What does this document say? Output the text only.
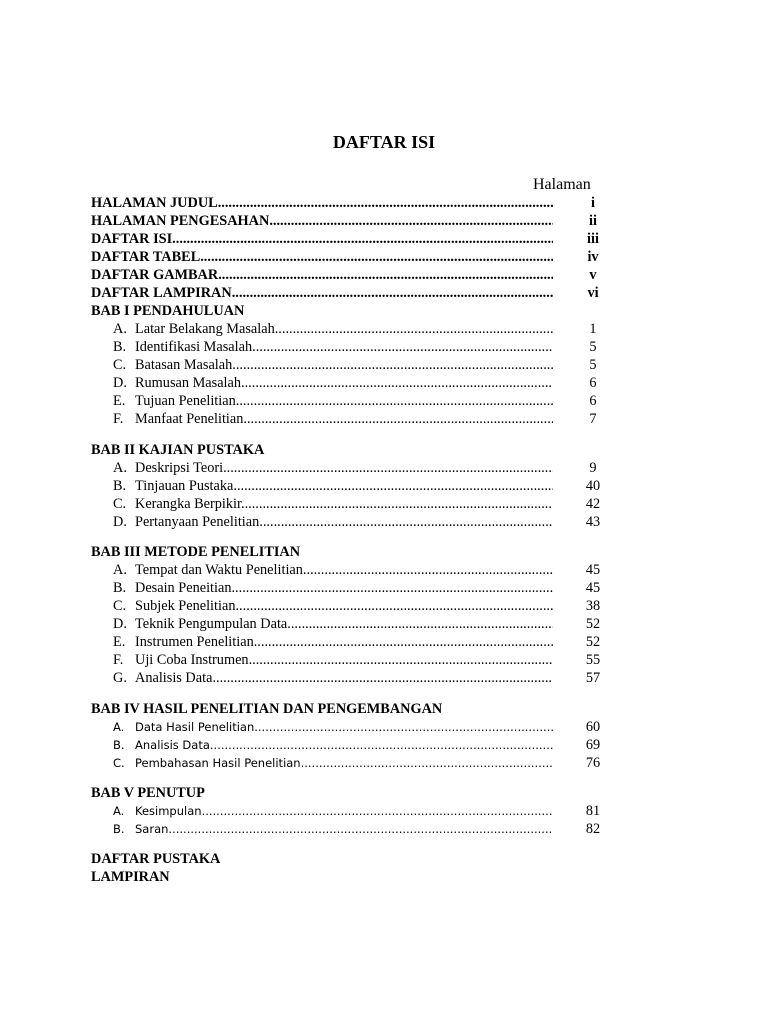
DAFTAR ISI
Halaman
HALAMAN JUDUL .....	i
HALAMAN PENGESAHAN .....	ii
DAFTAR ISI .....	iii
DAFTAR TABEL .....	iv
DAFTAR GAMBAR .....	v
DAFTAR LAMPIRAN .....	vi
BAB I PENDAHULUAN
A. Latar Belakang Masalah .....	1
B. Identifikasi Masalah .....	5
C. Batasan Masalah .....	5
D. Rumusan Masalah .....	6
E. Tujuan Penelitian .....	6
F. Manfaat Penelitian .....	7
BAB II KAJIAN PUSTAKA
A. Deskripsi Teori .....	9
B. Tinjauan Pustaka .....	40
C. Kerangka Berpikir .....	42
D. Pertanyaan Penelitian .....	43
BAB III METODE PENELITIAN
A. Tempat dan Waktu Penelitian .....	45
B. Desain Peneitian .....	45
C. Subjek Penelitian .....	38
D. Teknik Pengumpulan Data .....	52
E. Instrumen Penelitian .....	52
F. Uji Coba Instrumen .....	55
G. Analisis Data .....	57
BAB IV HASIL PENELITIAN DAN PENGEMBANGAN
A. Data Hasil Penelitian .....	60
B. Analisis Data .....	69
C. Pembahasan Hasil Penelitian .....	76
BAB V PENUTUP
A. Kesimpulan .....	81
B. Saran .....	82
DAFTAR PUSTAKA
LAMPIRAN
